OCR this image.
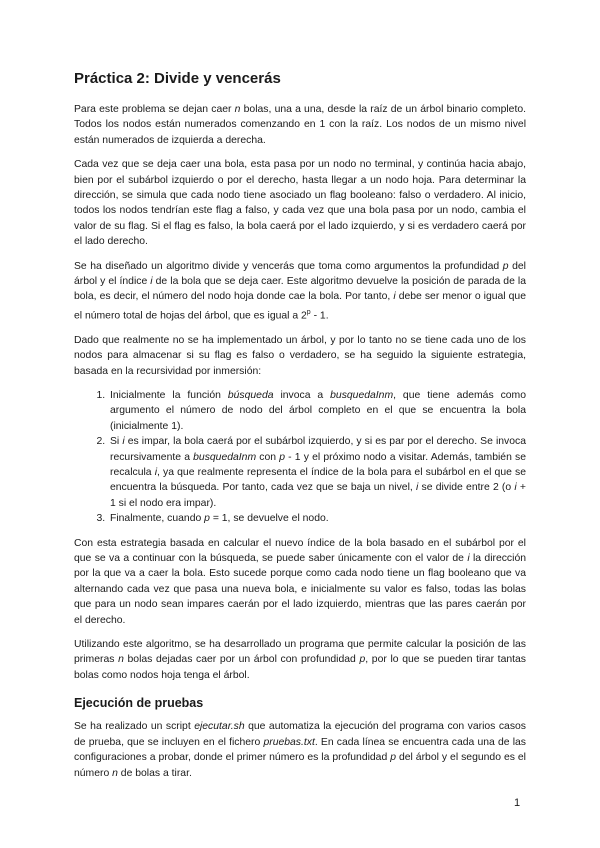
Práctica 2: Divide y vencerás

Para este problema se dejan caer n bolas, una a una, desde la raíz de un árbol binario completo. Todos los nodos están numerados comenzando en 1 con la raíz. Los nodos de un mismo nivel están numerados de izquierda a derecha.

Cada vez que se deja caer una bola, esta pasa por un nodo no terminal, y continúa hacia abajo, bien por el subárbol izquierdo o por el derecho, hasta llegar a un nodo hoja. Para determinar la dirección, se simula que cada nodo tiene asociado un flag booleano: falso o verdadero. Al inicio, todos los nodos tendrían este flag a falso, y cada vez que una bola pasa por un nodo, cambia el valor de su flag. Si el flag es falso, la bola caerá por el lado izquierdo, y si es verdadero caerá por el lado derecho.

Se ha diseñado un algoritmo divide y vencerás que toma como argumentos la profundidad p del árbol y el índice i de la bola que se deja caer. Este algoritmo devuelve la posición de parada de la bola, es decir, el número del nodo hoja donde cae la bola. Por tanto, i debe ser menor o igual que el número total de hojas del árbol, que es igual a 2$^p$ - 1.

Dado que realmente no se ha implementado un árbol, y por lo tanto no se tiene cada uno de los nodos para almacenar si su flag es falso o verdadero, se ha seguido la siguiente estrategia, basada en la recursividad por inmersión:

1. Inicialmente la función búsqueda invoca a busquedaInm, que tiene además como argumento el número de nodo del árbol completo en el que se encuentra la bola (inicialmente 1).
2. Si i es impar, la bola caerá por el subárbol izquierdo, y si es par por el derecho. Se invoca recursivamente a busquedaInm con p - 1 y el próximo nodo a visitar. Además, también se recalcula i, ya que realmente representa el índice de la bola para el subárbol en el que se encuentra la búsqueda. Por tanto, cada vez que se baja un nivel, i se divide entre 2 (o i + 1 si el nodo era impar).
3. Finalmente, cuando p = 1, se devuelve el nodo.

Con esta estrategia basada en calcular el nuevo índice de la bola basado en el subárbol por el que se va a continuar con la búsqueda, se puede saber únicamente con el valor de i la dirección por la que va a caer la bola. Esto sucede porque como cada nodo tiene un flag booleano que va alternando cada vez que pasa una nueva bola, e inicialmente su valor es falso, todas las bolas que para un nodo sean impares caerán por el lado izquierdo, mientras que las pares caerán por el derecho.

Utilizando este algoritmo, se ha desarrollado un programa que permite calcular la posición de las primeras n bolas dejadas caer por un árbol con profundidad p, por lo que se pueden tirar tantas bolas como nodos hoja tenga el árbol.

Ejecución de pruebas

Se ha realizado un script ejecutar.sh que automatiza la ejecución del programa con varios casos de prueba, que se incluyen en el fichero pruebas.txt. En cada línea se encuentra cada una de las configuraciones a probar, donde el primer número es la profundidad p del árbol y el segundo es el número n de bolas a tirar.

1
